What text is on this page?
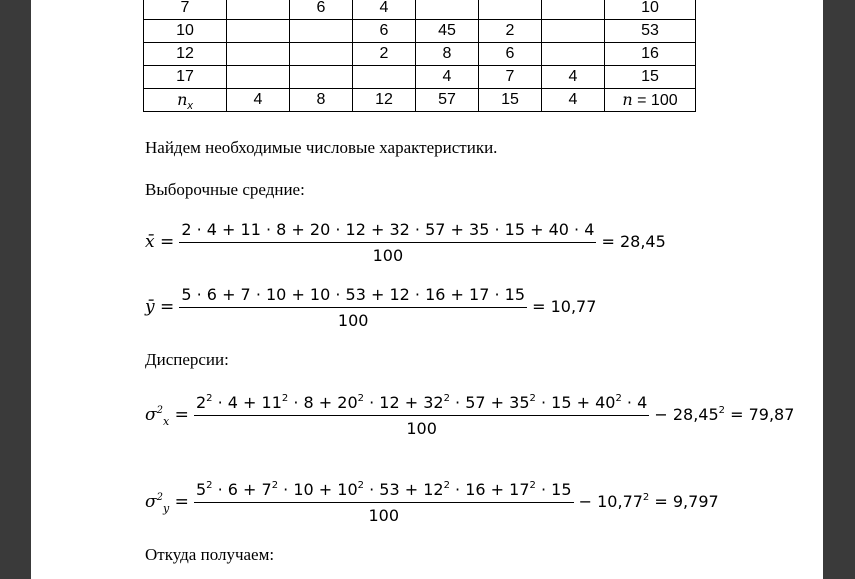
7		6	4				10
10			6	45	2		53
12			2	8	6		16
17				4	7	4	15
$n_x$	4	8	12	57	15	4	n = 100
Найдем необходимые числовые характеристики.
Выборочные средние:
x̄ = $\frac{2 \cdot 4 + 11 \cdot 8 + 20 \cdot 12 + 32 \cdot 57 + 35 \cdot 15 + 40 \cdot 4}{100} = 28,45$
ȳ = $\frac{5 \cdot 6 + 7 \cdot 10 + 10 \cdot 53 + 12 \cdot 16 + 17 \cdot 15}{100} = 10,77$
Дисперсии:
$\sigma^2_x = \frac{2^2 \cdot 4 + 11^2 \cdot 8 + 20^2 \cdot 12 + 32^2 \cdot 57 + 35^2 \cdot 15 + 40^2 \cdot 4}{100} - 28,45^2 = 79,87$
$\sigma^2_y = \frac{5^2 \cdot 6 + 7^2 \cdot 10 + 10^2 \cdot 53 + 12^2 \cdot 16 + 17^2 \cdot 15}{100} - 10,77^2 = 9,797$
Откуда получаем:
